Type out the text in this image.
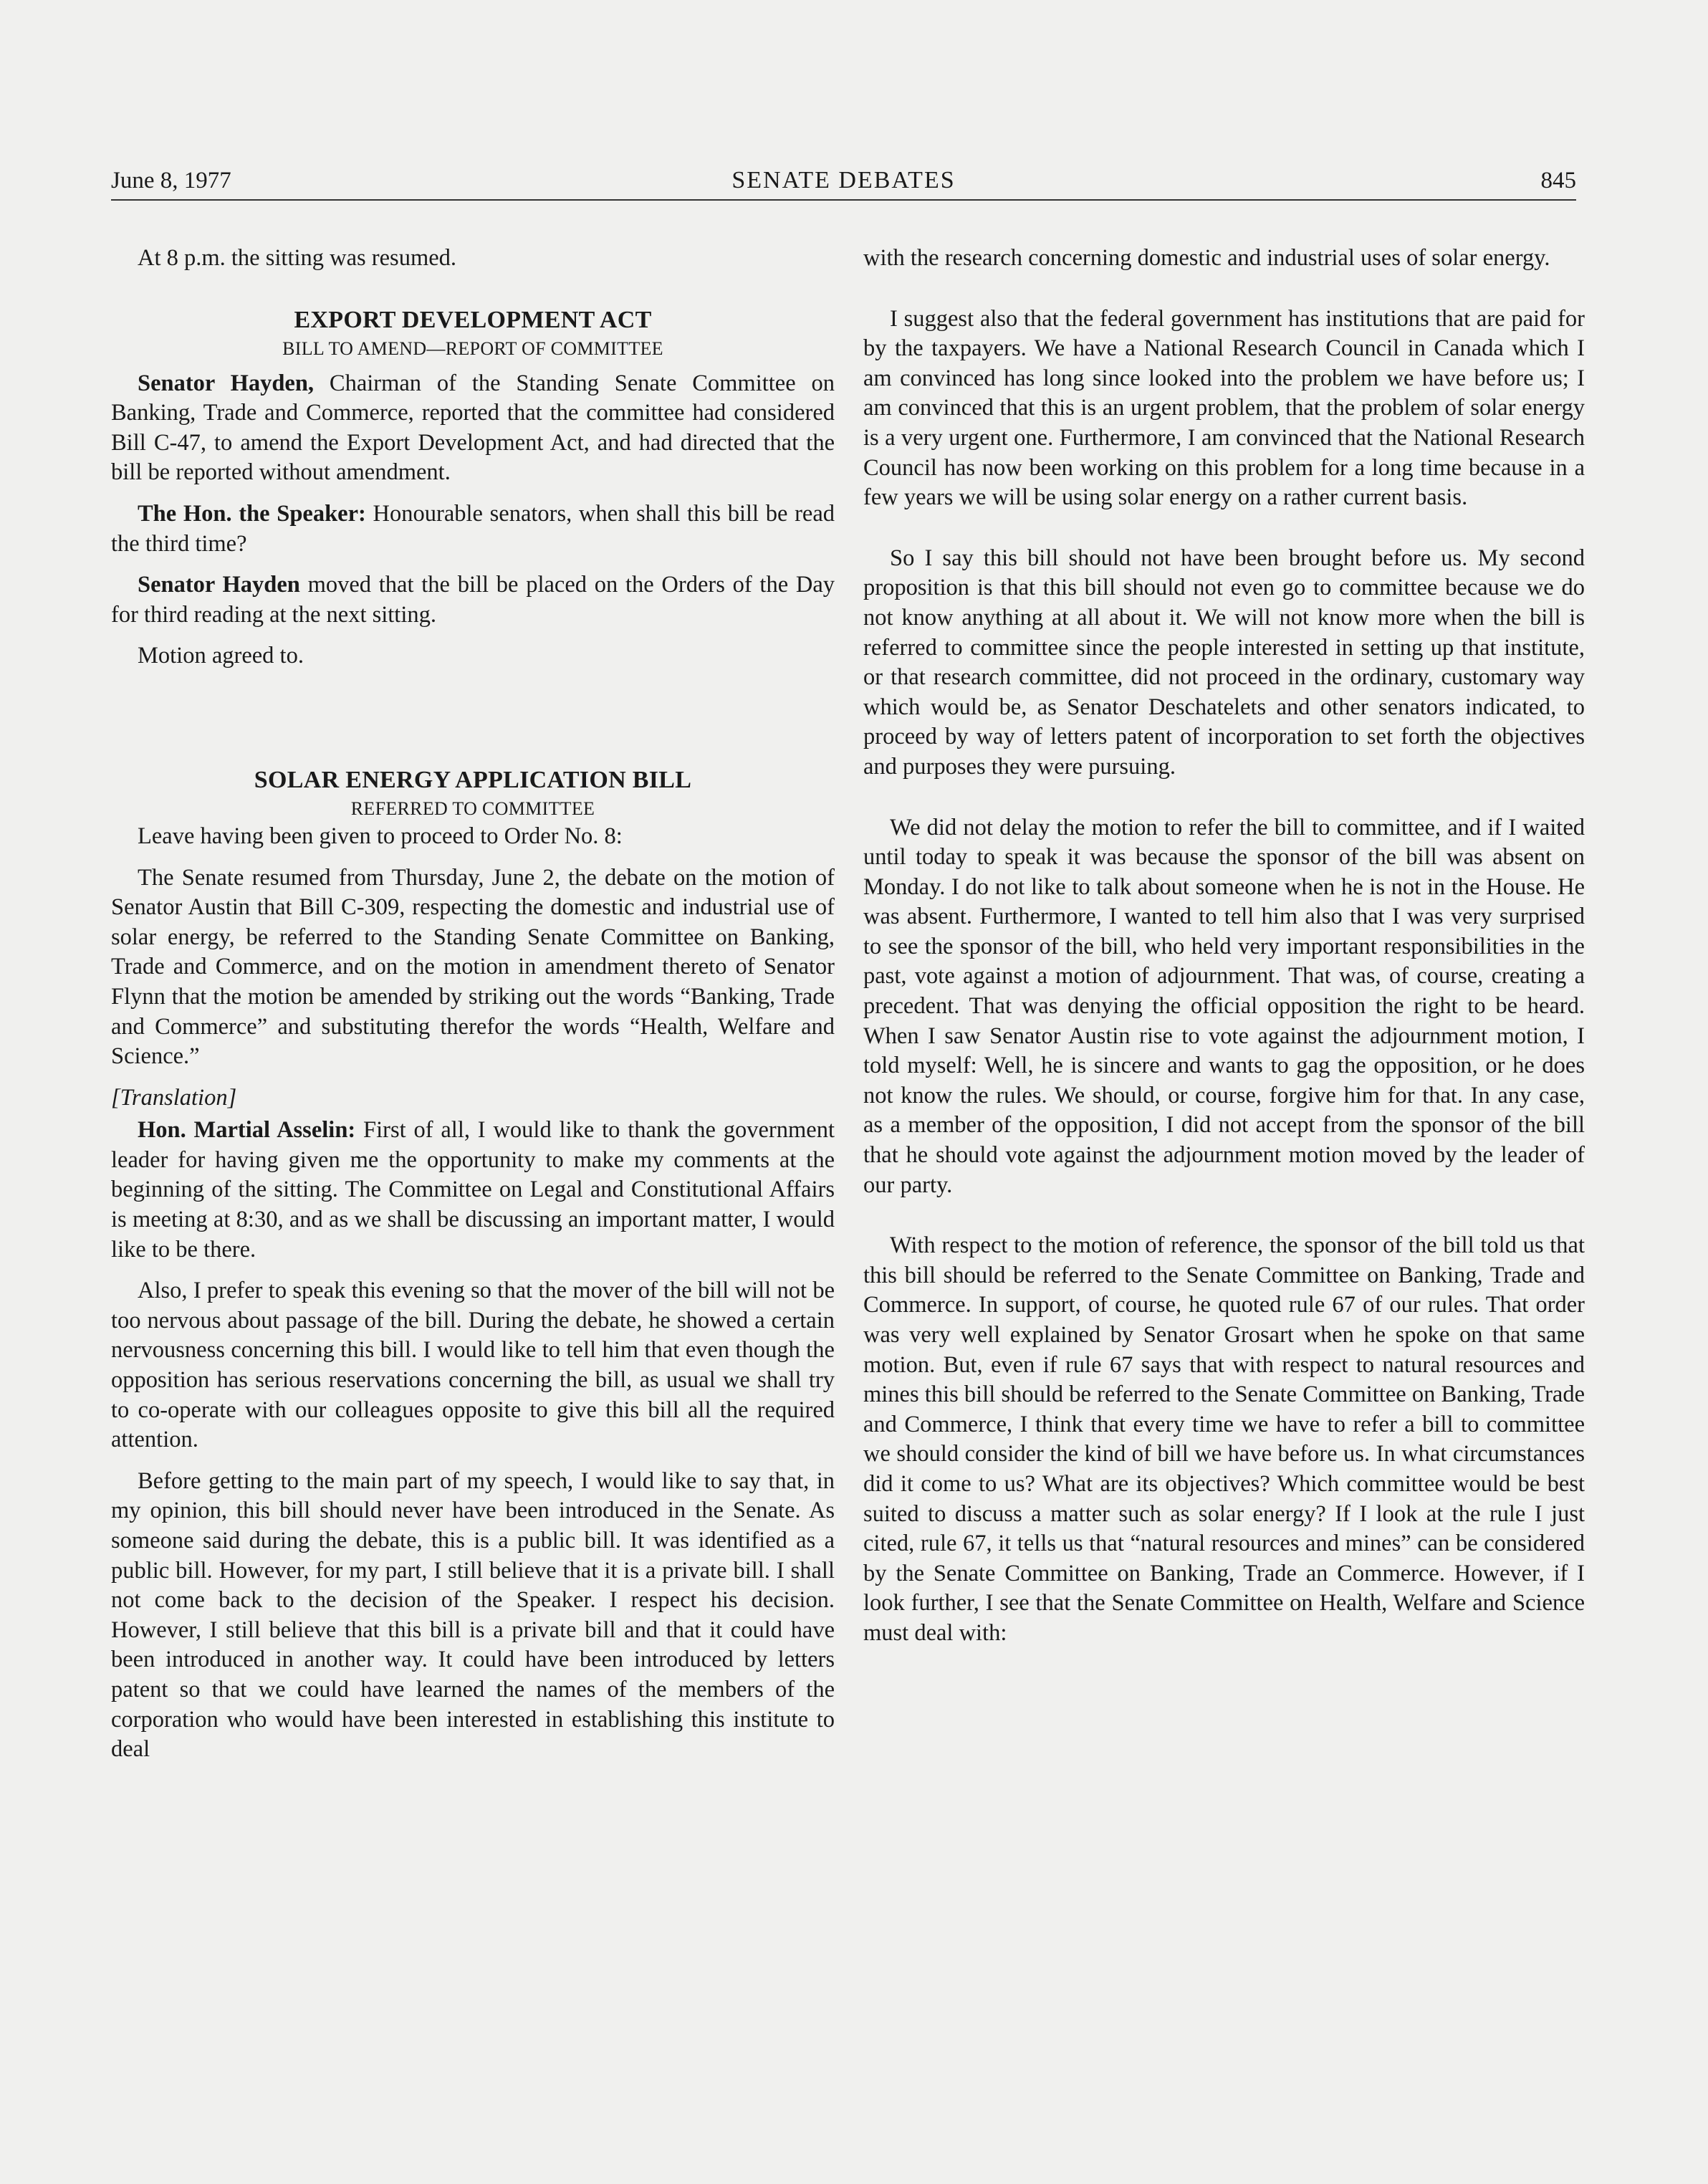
June 8, 1977	SENATE DEBATES	845

At 8 p.m. the sitting was resumed.

EXPORT DEVELOPMENT ACT
BILL TO AMEND—REPORT OF COMMITTEE

Senator Hayden, Chairman of the Standing Senate Committee on Banking, Trade and Commerce, reported that the committee had considered Bill C-47, to amend the Export Development Act, and had directed that the bill be reported without amendment.

The Hon. the Speaker: Honourable senators, when shall this bill be read the third time?

Senator Hayden moved that the bill be placed on the Orders of the Day for third reading at the next sitting.

Motion agreed to.

SOLAR ENERGY APPLICATION BILL
REFERRED TO COMMITTEE

Leave having been given to proceed to Order No. 8:

The Senate resumed from Thursday, June 2, the debate on the motion of Senator Austin that Bill C-309, respecting the domestic and industrial use of solar energy, be referred to the Standing Senate Committee on Banking, Trade and Commerce, and on the motion in amendment thereto of Senator Flynn that the motion be amended by striking out the words “Banking, Trade and Commerce” and substituting therefor the words “Health, Welfare and Science.”

[Translation]

Hon. Martial Asselin: First of all, I would like to thank the government leader for having given me the opportunity to make my comments at the beginning of the sitting. The Committee on Legal and Constitutional Affairs is meeting at 8:30, and as we shall be discussing an important matter, I would like to be there.

Also, I prefer to speak this evening so that the mover of the bill will not be too nervous about passage of the bill. During the debate, he showed a certain nervousness concerning this bill. I would like to tell him that even though the opposition has serious reservations concerning the bill, as usual we shall try to co-operate with our colleagues opposite to give this bill all the required attention.

Before getting to the main part of my speech, I would like to say that, in my opinion, this bill should never have been introduced in the Senate. As someone said during the debate, this is a public bill. It was identified as a public bill. However, for my part, I still believe that it is a private bill. I shall not come back to the decision of the Speaker. I respect his decision. However, I still believe that this bill is a private bill and that it could have been introduced in another way. It could have been introduced by letters patent so that we could have learned the names of the members of the corporation who would have been interested in establishing this institute to deal

with the research concerning domestic and industrial uses of solar energy.

I suggest also that the federal government has institutions that are paid for by the taxpayers. We have a National Research Council in Canada which I am convinced has long since looked into the problem we have before us; I am convinced that this is an urgent problem, that the problem of solar energy is a very urgent one. Furthermore, I am convinced that the National Research Council has now been working on this problem for a long time because in a few years we will be using solar energy on a rather current basis.

So I say this bill should not have been brought before us. My second proposition is that this bill should not even go to committee because we do not know anything at all about it. We will not know more when the bill is referred to committee since the people interested in setting up that institute, or that research committee, did not proceed in the ordinary, customary way which would be, as Senator Deschatelets and other senators indicated, to proceed by way of letters patent of incorporation to set forth the objectives and purposes they were pursuing.

We did not delay the motion to refer the bill to committee, and if I waited until today to speak it was because the sponsor of the bill was absent on Monday. I do not like to talk about someone when he is not in the House. He was absent. Furthermore, I wanted to tell him also that I was very surprised to see the sponsor of the bill, who held very important responsibilities in the past, vote against a motion of adjournment. That was, of course, creating a precedent. That was denying the official opposition the right to be heard. When I saw Senator Austin rise to vote against the adjournment motion, I told myself: Well, he is sincere and wants to gag the opposition, or he does not know the rules. We should, or course, forgive him for that. In any case, as a member of the opposition, I did not accept from the sponsor of the bill that he should vote against the adjournment motion moved by the leader of our party.

With respect to the motion of reference, the sponsor of the bill told us that this bill should be referred to the Senate Committee on Banking, Trade and Commerce. In support, of course, he quoted rule 67 of our rules. That order was very well explained by Senator Grosart when he spoke on that same motion. But, even if rule 67 says that with respect to natural resources and mines this bill should be referred to the Senate Committee on Banking, Trade and Commerce, I think that every time we have to refer a bill to committee we should consider the kind of bill we have before us. In what circumstances did it come to us? What are its objectives? Which committee would be best suited to discuss a matter such as solar energy? If I look at the rule I just cited, rule 67, it tells us that “natural resources and mines” can be considered by the Senate Committee on Banking, Trade an Commerce. However, if I look further, I see that the Senate Committee on Health, Welfare and Science must deal with:
